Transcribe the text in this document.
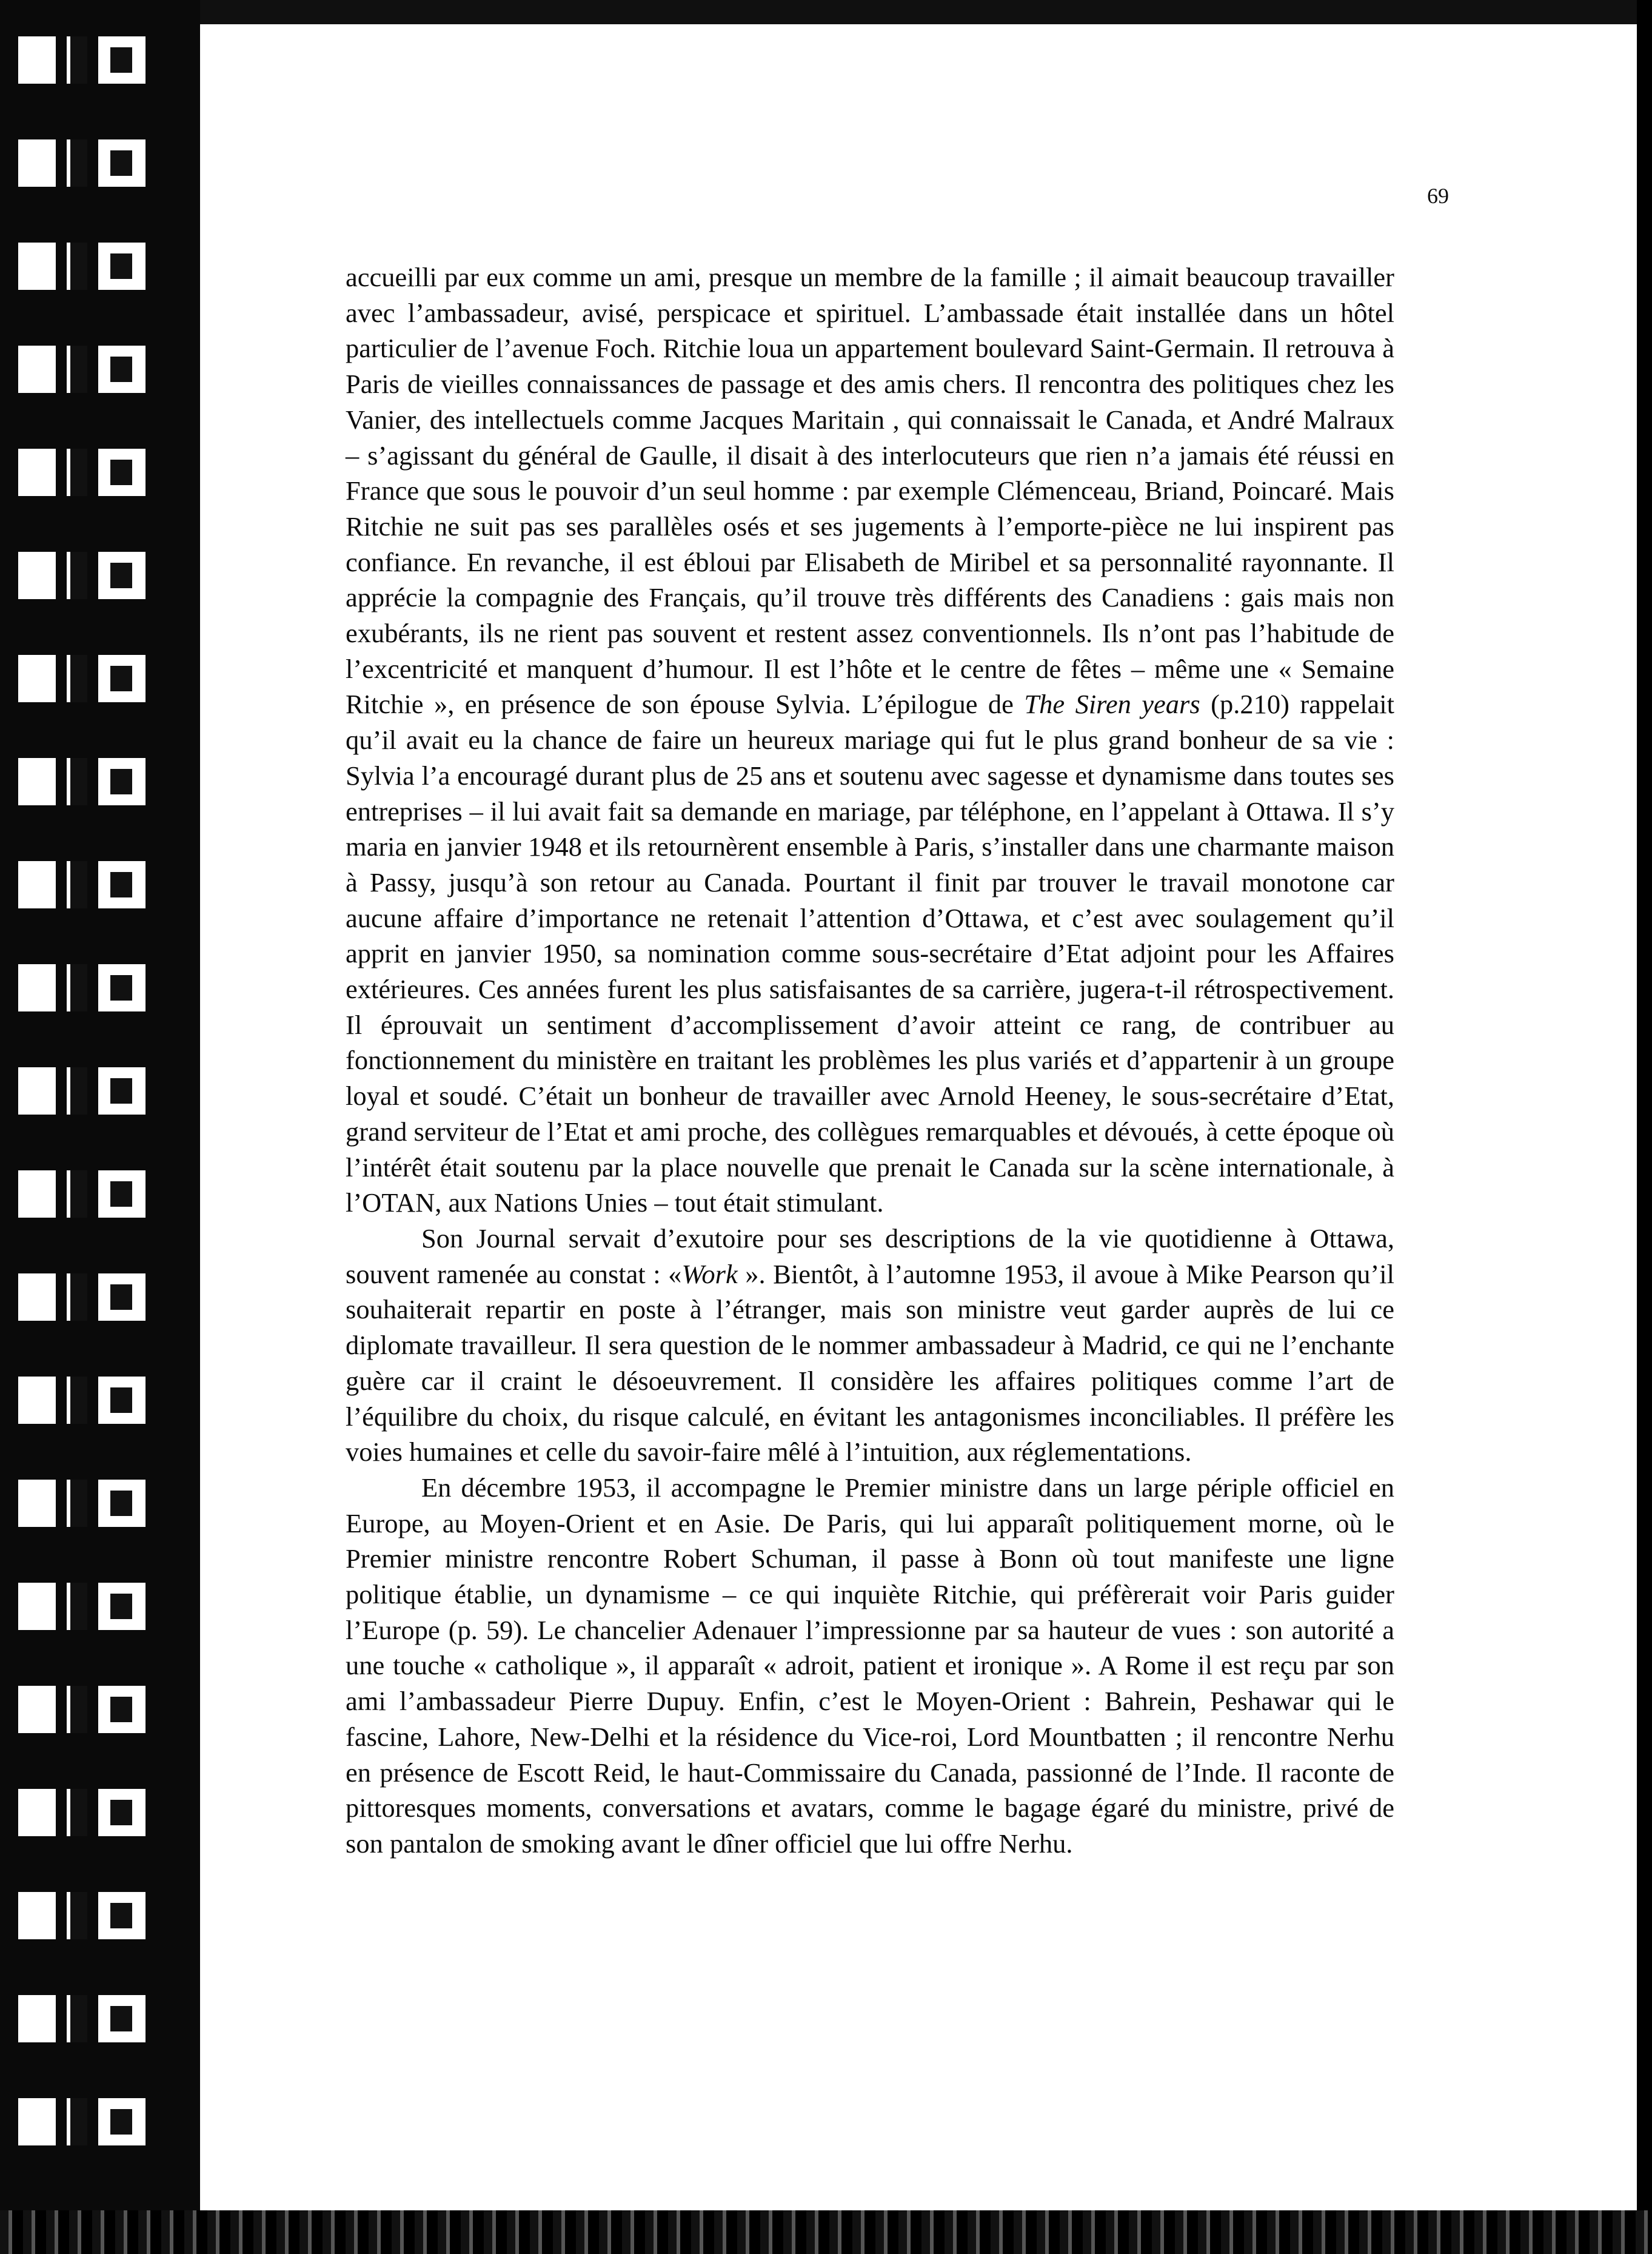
69

accueilli par eux comme un ami, presque un membre de la famille ; il aimait beaucoup travailler avec l’ambassadeur, avisé, perspicace et spirituel. L’ambassade était installée dans un hôtel particulier de l’avenue Foch. Ritchie loua un appartement boulevard Saint-Germain. Il retrouva à Paris de vieilles connaissances de passage et des amis chers. Il rencontra des politiques chez les Vanier, des intellectuels comme Jacques Maritain , qui connaissait le Canada, et André Malraux – s’agissant du général de Gaulle, il disait à des interlocuteurs que rien n’a jamais été réussi en France que sous le pouvoir d’un seul homme : par exemple Clémenceau, Briand, Poincaré. Mais Ritchie ne suit pas ses parallèles osés et ses jugements à l’emporte-pièce ne lui inspirent pas confiance. En revanche, il est ébloui par Elisabeth de Miribel et sa personnalité rayonnante. Il apprécie la compagnie des Français, qu’il trouve très différents des Canadiens : gais mais non exubérants, ils ne rient pas souvent et restent assez conventionnels. Ils n’ont pas l’habitude de l’excentricité et manquent d’humour. Il est l’hôte et le centre de fêtes – même une « Semaine Ritchie », en présence de son épouse Sylvia. L’épilogue de The Siren years (p.210) rappelait qu’il avait eu la chance de faire un heureux mariage qui fut le plus grand bonheur de sa vie : Sylvia l’a encouragé durant plus de 25 ans et soutenu avec sagesse et dynamisme dans toutes ses entreprises – il lui avait fait sa demande en mariage, par téléphone, en l’appelant à Ottawa. Il s’y maria en janvier 1948 et ils retournèrent ensemble à Paris, s’installer dans une charmante maison à Passy, jusqu’à son retour au Canada. Pourtant il finit par trouver le travail monotone car aucune affaire d’importance ne retenait l’attention d’Ottawa, et c’est avec soulagement qu’il apprit en janvier 1950, sa nomination comme sous-secrétaire d’Etat adjoint pour les Affaires extérieures. Ces années furent les plus satisfaisantes de sa carrière, jugera-t-il rétrospectivement. Il éprouvait un sentiment d’accomplissement d’avoir atteint ce rang, de contribuer au fonctionnement du ministère en traitant les problèmes les plus variés et d’appartenir à un groupe loyal et soudé. C’était un bonheur de travailler avec Arnold Heeney, le sous-secrétaire d’Etat, grand serviteur de l’Etat et ami proche, des collègues remarquables et dévoués, à cette époque où l’intérêt était soutenu par la place nouvelle que prenait le Canada sur la scène internationale, à l’OTAN, aux Nations Unies – tout était stimulant.

Son Journal servait d’exutoire pour ses descriptions de la vie quotidienne à Ottawa, souvent ramenée au constat : «Work ». Bientôt, à l’automne 1953, il avoue à Mike Pearson qu’il souhaiterait repartir en poste à l’étranger, mais son ministre veut garder auprès de lui ce diplomate travailleur. Il sera question de le nommer ambassadeur à Madrid, ce qui ne l’enchante guère car il craint le désoeuvrement. Il considère les affaires politiques comme l’art de l’équilibre du choix, du risque calculé, en évitant les antagonismes inconciliables. Il préfère les voies humaines et celle du savoir-faire mêlé à l’intuition, aux réglementations.

En décembre 1953, il accompagne le Premier ministre dans un large périple officiel en Europe, au Moyen-Orient et en Asie. De Paris, qui lui apparaît politiquement morne, où le Premier ministre rencontre Robert Schuman, il passe à Bonn où tout manifeste une ligne politique établie, un dynamisme – ce qui inquiète Ritchie, qui préfèrerait voir Paris guider l’Europe (p. 59). Le chancelier Adenauer l’impressionne par sa hauteur de vues : son autorité a une touche « catholique », il apparaît « adroit, patient et ironique ». A Rome il est reçu par son ami l’ambassadeur Pierre Dupuy. Enfin, c’est le Moyen-Orient : Bahrein, Peshawar qui le fascine, Lahore, New-Delhi et la résidence du Vice-roi, Lord Mountbatten ; il rencontre Nerhu en présence de Escott Reid, le haut-Commissaire du Canada, passionné de l’Inde. Il raconte de pittoresques moments, conversations et avatars, comme le bagage égaré du ministre, privé de son pantalon de smoking avant le dîner officiel que lui offre Nerhu.
